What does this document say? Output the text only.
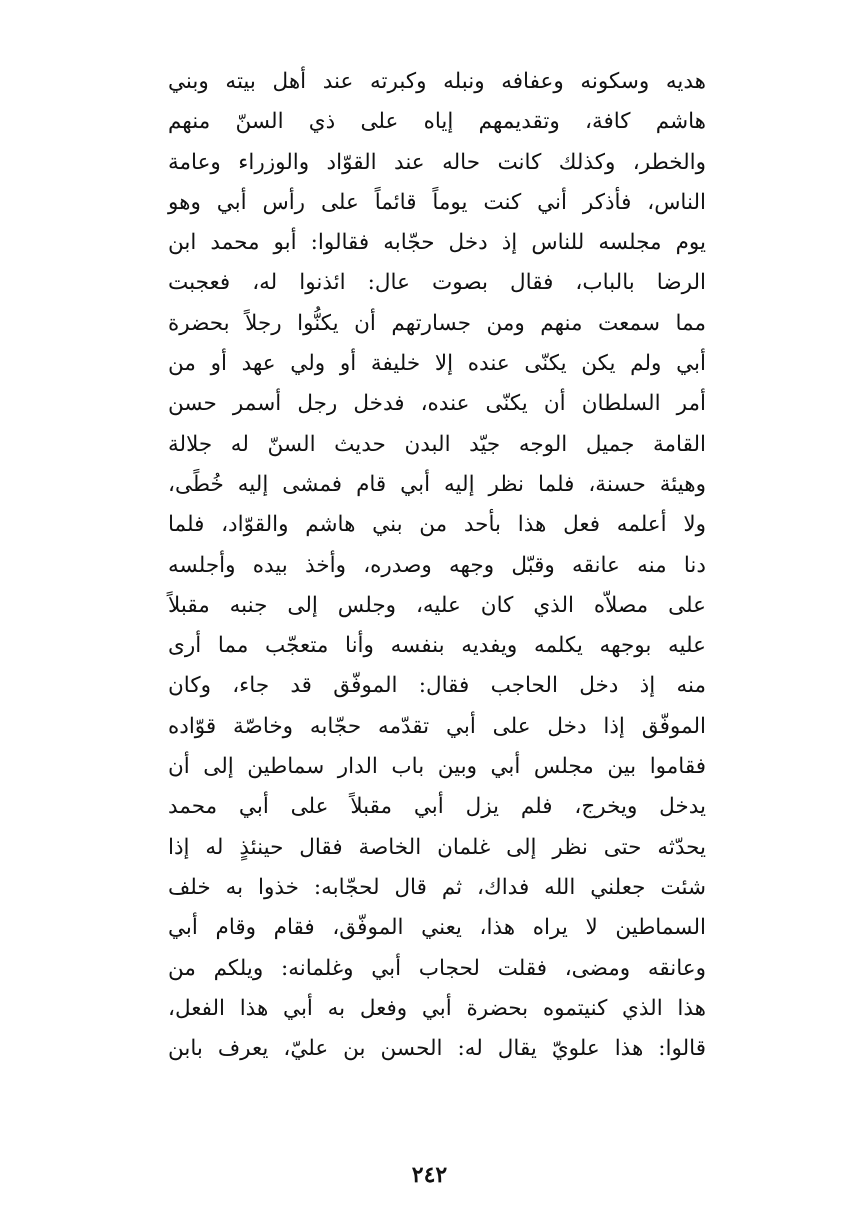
هديه وسكونه وعفافه ونبله وكبرته عند أهل بيته وبني
هاشم كافة، وتقديمهم إياه على ذي السنّ منهم
والخطر، وكذلك كانت حاله عند القوّاد والوزراء وعامة
الناس، فأذكر أني كنت يوماً قائماً على رأس أبي وهو
يوم مجلسه للناس إذ دخل حجّابه فقالوا: أبو محمد ابن
الرضا بالباب، فقال بصوت عال: ائذنوا له، فعجبت
مما سمعت منهم ومن جسارتهم أن يكنُّوا رجلاً بحضرة
أبي ولم يكن يكنّى عنده إلا خليفة أو ولي عهد أو من
أمر السلطان أن يكنّى عنده، فدخل رجل أسمر حسن
القامة جميل الوجه جيّد البدن حديث السنّ له جلالة
وهيئة حسنة، فلما نظر إليه أبي قام فمشى إليه خُطًى،
ولا أعلمه فعل هذا بأحد من بني هاشم والقوّاد، فلما
دنا منه عانقه وقبّل وجهه وصدره، وأخذ بيده وأجلسه
على مصلاّه الذي كان عليه، وجلس إلى جنبه مقبلاً
عليه بوجهه يكلمه ويفديه بنفسه وأنا متعجّب مما أرى
منه إذ دخل الحاجب فقال: الموفّق قد جاء، وكان
الموفّق إذا دخل على أبي تقدّمه حجّابه وخاصّة قوّاده
فقاموا بين مجلس أبي وبين باب الدار سماطين إلى أن
يدخل ويخرج، فلم يزل أبي مقبلاً على أبي محمد
يحدّثه حتى نظر إلى غلمان الخاصة فقال حينئذٍ له إذا
شئت جعلني الله فداك، ثم قال لحجّابه: خذوا به خلف
السماطين لا يراه هذا، يعني الموفّق، فقام وقام أبي
وعانقه ومضى، فقلت لحجاب أبي وغلمانه: ويلكم من
هذا الذي كنيتموه بحضرة أبي وفعل به أبي هذا الفعل،
قالوا: هذا علويّ يقال له: الحسن بن عليّ، يعرف بابن
٢٤٢
